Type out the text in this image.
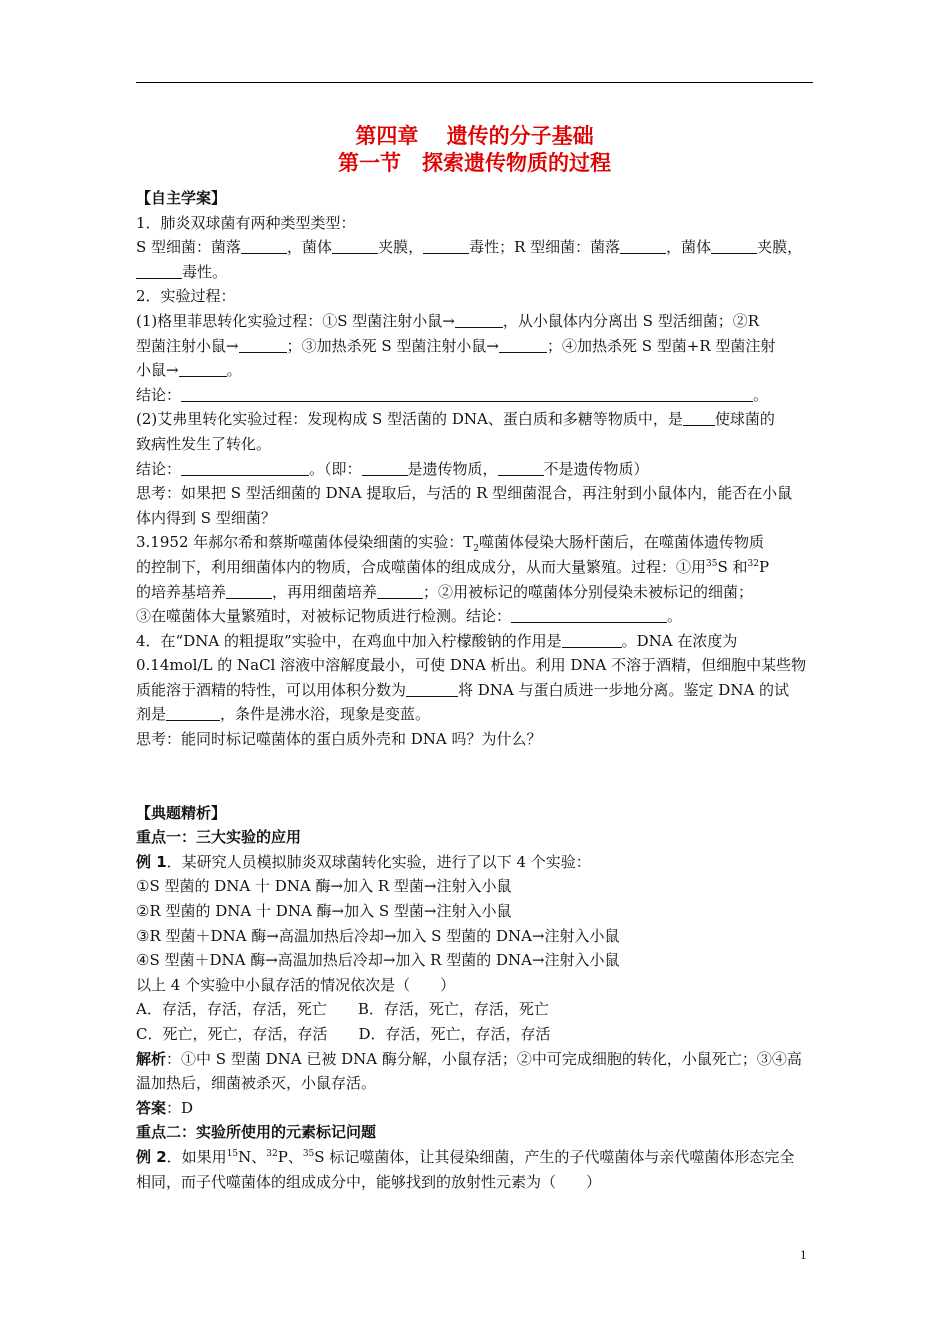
第四章　 遗传的分子基础
第一节　探索遗传物质的过程

【自主学案】

1．肺炎双球菌有两种类型类型：

S 型细菌：菌落	，菌体	夹膜，	毒性；R 型细菌：菌落	，菌体	夹膜，

毒性。

2．实验过程：

(1)格里菲思转化实验过程：①S 型菌注射小鼠→	，从小鼠体内分离出 S 型活细菌；②R

型菌注射小鼠→	；③加热杀死 S 型菌注射小鼠→	；④加热杀死 S 型菌+R 型菌注射

小鼠→	。

结论：	。

(2)艾弗里转化实验过程：发现构成 S 型活菌的 DNA、蛋白质和多糖等物质中，是 使球菌的

致病性发生了转化。

结论：	。（即：	是遗传物质，	不是遗传物质）

思考：如果把 S 型活细菌的 DNA 提取后，与活的 R 型细菌混合，再注射到小鼠体内，能否在小鼠

体内得到 S 型细菌？

3.1952 年郝尔希和蔡斯噬菌体侵染细菌的实验：$T_2$噬菌体侵染大肠杆菌后，在噬菌体遗传物质

的控制下，利用细菌体内的物质，合成噬菌体的组成成分，从而大量繁殖。过程：①用$^{35}$S 和$^{32}$P

的培养基培养	，再用细菌培养	；②用被标记的噬菌体分别侵染未被标记的细菌；

③在噬菌体大量繁殖时，对被标记物质进行检测。结论：	。

4．在“DNA 的粗提取”实验中，在鸡血中加入柠檬酸钠的作用是	。DNA 在浓度为

0.14mol/L 的 NaCl 溶液中溶解度最小，可使 DNA 析出。利用 DNA 不溶于酒精，但细胞中某些物

质能溶于酒精的特性，可以用体积分数为	将 DNA 与蛋白质进一步地分离。鉴定 DNA 的试

剂是	，条件是沸水浴，现象是变蓝。

思考：能同时标记噬菌体的蛋白质外壳和 DNA 吗？为什么？

【典题精析】

重点一：三大实验的应用

例 1．某研究人员模拟肺炎双球菌转化实验，进行了以下 4 个实验：

①S 型菌的 DNA 十 DNA 酶→加入 R 型菌→注射入小鼠

②R 型菌的 DNA 十 DNA 酶→加入 S 型菌→注射入小鼠

③R 型菌＋DNA 酶→高温加热后冷却→加入 S 型菌的 DNA→注射入小鼠

④S 型菌＋DNA 酶→高温加热后冷却→加入 R 型菌的 DNA→注射入小鼠

以上 4 个实验中小鼠存活的情况依次是（　　）

A．存活，存活，存活，死亡 B．存活，死亡，存活，死亡

C．死亡，死亡，存活，存活 D．存活，死亡，存活，存活

解析：①中 S 型菌 DNA 已被 DNA 酶分解，小鼠存活；②中可完成细胞的转化，小鼠死亡；③④高

温加热后，细菌被杀灭，小鼠存活。

答案：D

重点二：实验所使用的元素标记问题

例 2．如果用$^{15}$N、$^{32}$P、$^{35}$S 标记噬菌体，让其侵染细菌，产生的子代噬菌体与亲代噬菌体形态完全

相同，而子代噬菌体的组成成分中，能够找到的放射性元素为（　　）

1
